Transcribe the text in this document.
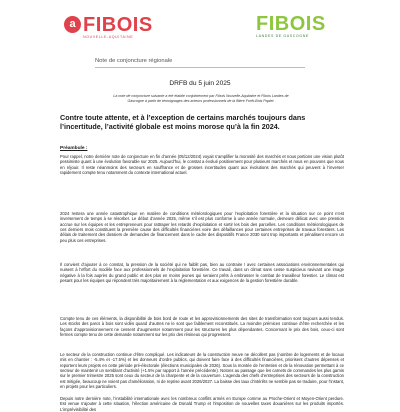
a FIBOIS
NOUVELLE-AQUITAINE
FIBOIS
LANDES DE GASCOGNE
Note de conjoncture régionale
DRFB du 5 juin 2025
La note de conjoncture suivante a été établie conjointement par Fibois Nouvelle-Aquitaine et Fibois Landes de Gascogne à partir de témoignages des acteurs professionnels de la filière Forêt-Bois Papier.
Contre toute attente, et à l’exception de certains marchés toujours dans l’incertitude, l’activité globale est moins morose qu’à la fin 2024.
Préambule :

Pour rappel, notre dernière note de conjoncture en fin d’année (05/12/2024) voyait s’amplifier la morosité des marchés et nous portions une vision plutôt pessimiste quant à une évolution favorable sur 2025. Aujourd’hui, le constat a évolué positivement pour plusieurs marchés et nous en pouvons que nous en réjouir. Il reste néanmoins des secteurs en souffrance et de grosses incertitudes quant aux évolutions des marchés qui peuvent à l’inverser rapidement compte tenu notamment du contexte international actuel.

2024 restera une année catastrophique en matière de conditions météorologiques pour l’exploitation forestière et la situation sur ce point n’est inversement de temps à se résorber. Le début d’année 2025, même s’il est plus conforme à une année normale, demeure délicat avec une pression accrue sur les équipes et les entrepreneurs pour rattraper les retards d’exploitation et sortir les bois des parcelles. Les conditions météorologiques de ces derniers mois constituent la première cause des difficultés financières voire des défaillances pour certaines entreprises de travaux forestiers. Les délais de traitement des dossiers de demandes de financement dans le cadre des dispositifs France 2030 sont trop importants et pénalisent encore un peu plus ces entreprises.

Il convient d’ajouter à ce constat, la pression de la société qui ne faiblit pas, bien au contraire ! avec certaines associations environnementales qui nuisent à l’effort du modèle face aux professionnels de l’exploitation forestière. Ce travail, dans un climat sans cesse suspicieux ravivant une image négative à la fois auprès du grand public et des plus en moins jeunes qui seraient prêts à embrasser le combat de travailleur forestier. Le climat est pesant pour les équipes qui répondent très majoritairement à la réglementation et aux exigences de la gestion forestière durable.

Compte tenu de ces éléments, la disponibilité de bois bord de route et les approvisionnements des sites de transformation sont toujours aussi tendus. Les stocks des parcs à bois sont vidés quand d’autres ne le sont que faiblement reconstitués. La moindre prémices continue d’être recherchée et les façons d’approvisionnement ne cessent d’augmenter notamment pour les structures les plus dépendantes. Concernant le prix des bois, ceux-ci sont fermes compte tenu de cette demande notamment sur les prix des résineux qui progressent.

Le secteur de la construction continue d’être compliqué. Les indicateurs de la construction neuve ne décollent pas (nombre de logements et de locaux mis en chantier : -5.4% et -17.5%) et les donneurs d’ordre publics, qui doivent faire face à des difficultés financières, priorisent d’autres dépenses et reportent leurs projets en cette période pré-électorale (élections municipales de 2026). Sous la montée de l’entretien et de la rénovation permettant à ce secteur de maintenir un semblant d’activité (+1.5% par rapport à l’année précédente). Notons au passage que les carnets de commandes les plus garnis sur le premier trimestre 2025 sont ceux du secteur de la charpente et de la couverture. L’agenda des chefs d’entreprises des secteurs de la construction est mitigée, beaucoup ne voient pas d’amélioration, ni de reprise avant 2026/2027. La baisse des taux d’intérêts ne semble pas se traduire, pour l’instant, en projets pour les particuliers.

Depuis notre dernière note, l’instabilité internationale avec les nombreux conflits armés en Europe comme au Proche-Orient et Moyen-Orient perdure. Est venue s’ajouter à cette situation, l’élection américaine de Donald Trump et l’imposition de nouvelles taxes douanières sur les produits importés. L’imprévisibilité des
